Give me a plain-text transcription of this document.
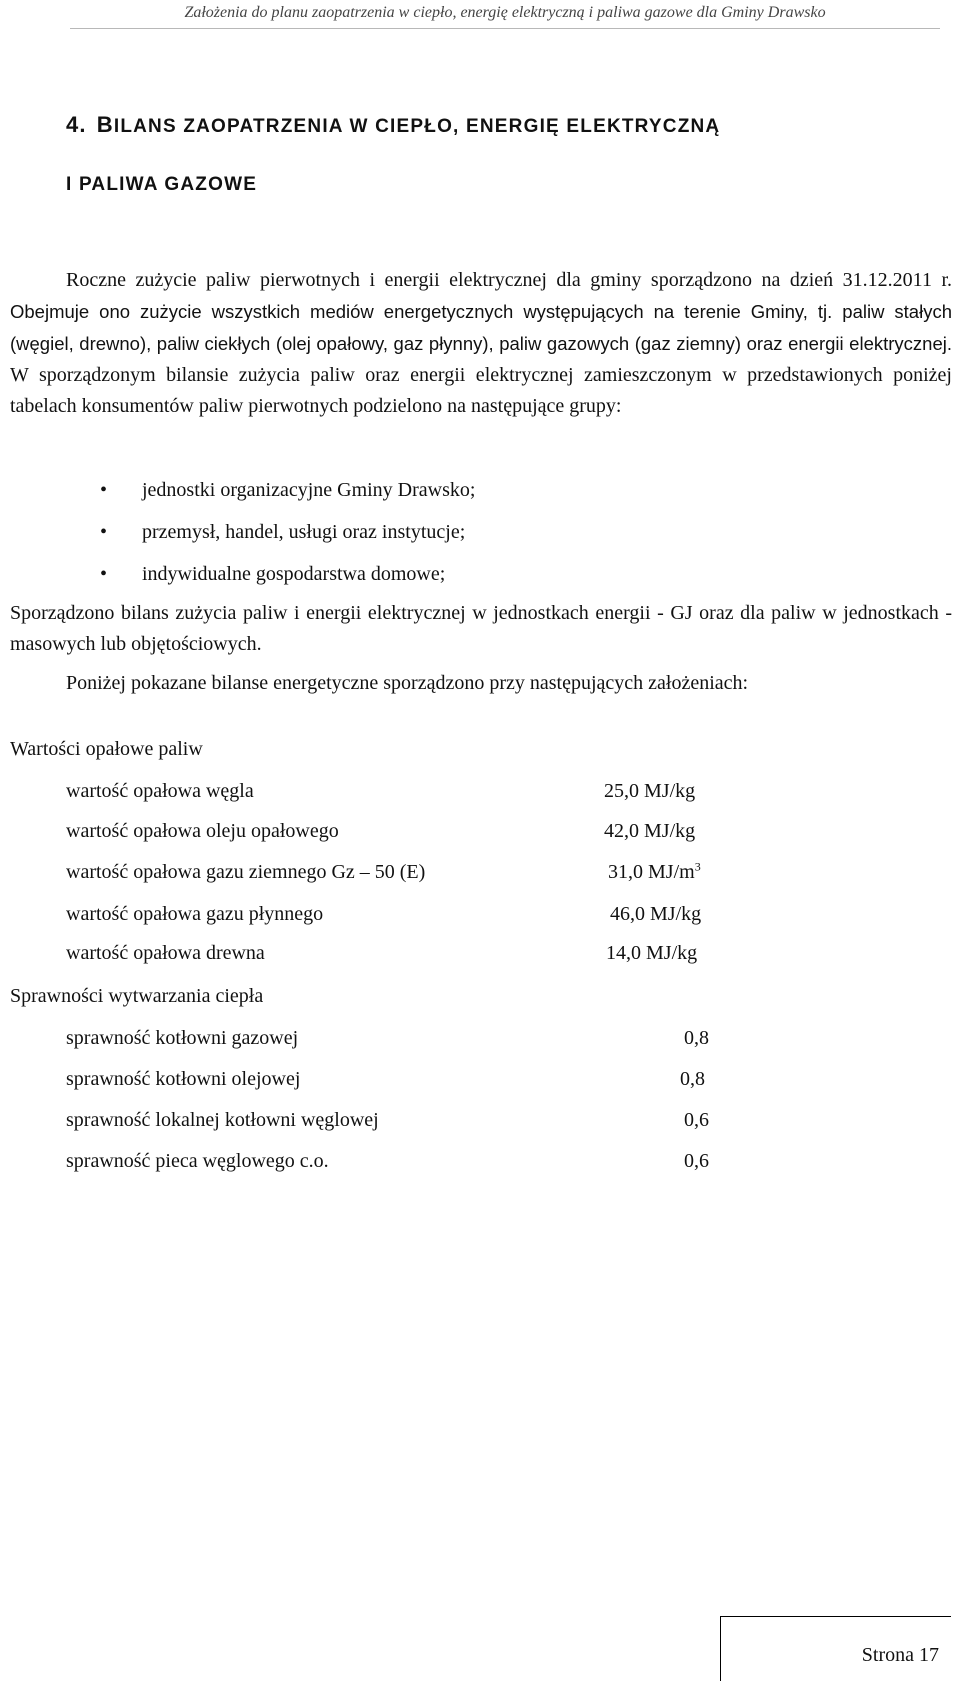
Założenia do planu zaopatrzenia w ciepło, energię elektryczną i paliwa gazowe dla Gminy Drawsko
4. BILANS ZAOPATRZENIA W CIEPŁO, ENERGIĘ ELEKTRYCZNĄ
I PALIWA GAZOWE
Roczne zużycie paliw pierwotnych i energii elektrycznej dla gminy sporządzono na dzień 31.12.2011 r. Obejmuje ono zużycie wszystkich mediów energetycznych występujących na terenie Gminy, tj. paliw stałych (węgiel, drewno), paliw ciekłych (olej opałowy, gaz płynny), paliw gazowych (gaz ziemny) oraz energii elektrycznej. W sporządzonym bilansie zużycia paliw oraz energii elektrycznej zamieszczonym w przedstawionych poniżej tabelach konsumentów paliw pierwotnych podzielono na następujące grupy:
• jednostki organizacyjne Gminy Drawsko;
• przemysł, handel, usługi oraz instytucje;
• indywidualne gospodarstwa domowe;
Sporządzono bilans zużycia paliw i energii elektrycznej w jednostkach energii - GJ oraz dla paliw w jednostkach - masowych lub objętościowych.
Poniżej pokazane bilanse energetyczne sporządzono przy następujących założeniach:
Wartości opałowe paliw
wartość opałowa węgla	25,0 MJ/kg
wartość opałowa oleju opałowego	42,0 MJ/kg
wartość opałowa gazu ziemnego Gz – 50 (E)	31,0 $MJ/m^3$
wartość opałowa gazu płynnego	46,0 MJ/kg
wartość opałowa drewna	14,0 MJ/kg
Sprawności wytwarzania ciepła
sprawność kotłowni gazowej	0,8
sprawność kotłowni olejowej	0,8
sprawność lokalnej kotłowni węglowej	0,6
sprawność pieca węglowego c.o.	0,6
Strona 17
